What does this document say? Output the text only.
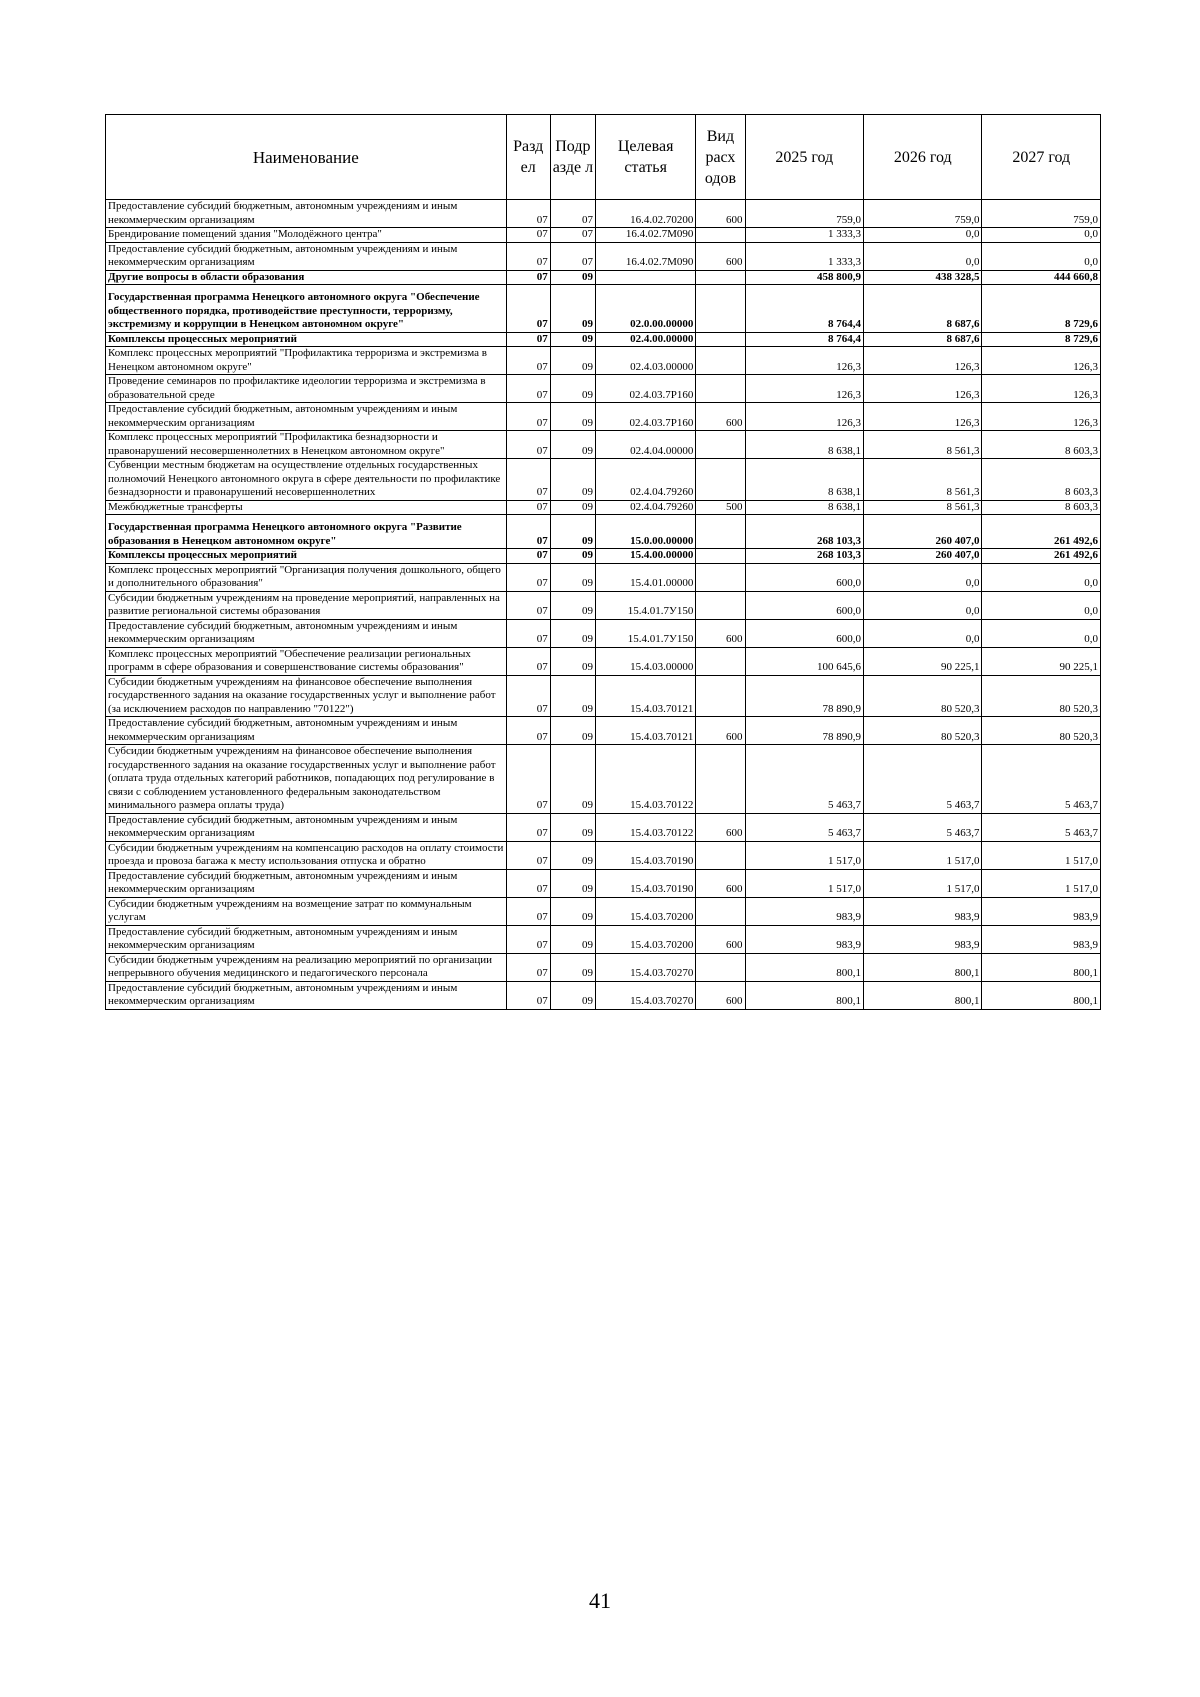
Наименование	Разд ел	Подр азде л	Целевая статья	Вид расх одов	2025 год	2026 год	2027 год
Предоставление субсидий бюджетным, автономным учреждениям и иным некоммерческим организациям	07	07	16.4.02.70200	600	759,0	759,0	759,0
Брендирование помещений здания "Молодёжного центра"	07	07	16.4.02.7М090		1 333,3	0,0	0,0
Предоставление субсидий бюджетным, автономным учреждениям и иным некоммерческим организациям	07	07	16.4.02.7М090	600	1 333,3	0,0	0,0
Другие вопросы в области образования	07	09			458 800,9	438 328,5	444 660,8
Государственная программа Ненецкого автономного округа "Обеспечение общественного порядка, противодействие преступности, терроризму, экстремизму и коррупции в Ненецком автономном округе"	07	09	02.0.00.00000		8 764,4	8 687,6	8 729,6
Комплексы процессных мероприятий	07	09	02.4.00.00000		8 764,4	8 687,6	8 729,6
Комплекс процессных мероприятий "Профилактика терроризма и экстремизма в Ненецком автономном округе"	07	09	02.4.03.00000		126,3	126,3	126,3
Проведение семинаров по профилактике идеологии терроризма и экстремизма в образовательной среде	07	09	02.4.03.7Р160		126,3	126,3	126,3
Предоставление субсидий бюджетным, автономным учреждениям и иным некоммерческим организациям	07	09	02.4.03.7Р160	600	126,3	126,3	126,3
Комплекс процессных мероприятий "Профилактика безнадзорности и правонарушений несовершеннолетних в Ненецком автономном округе"	07	09	02.4.04.00000		8 638,1	8 561,3	8 603,3
Субвенции местным бюджетам на осуществление отдельных государственных полномочий Ненецкого автономного округа в сфере деятельности по профилактике безнадзорности и правонарушений несовершеннолетних	07	09	02.4.04.79260		8 638,1	8 561,3	8 603,3
Межбюджетные трансферты	07	09	02.4.04.79260	500	8 638,1	8 561,3	8 603,3
Государственная программа Ненецкого автономного округа "Развитие образования в Ненецком автономном округе"	07	09	15.0.00.00000		268 103,3	260 407,0	261 492,6
Комплексы процессных мероприятий	07	09	15.4.00.00000		268 103,3	260 407,0	261 492,6
Комплекс процессных мероприятий "Организация получения дошкольного, общего и дополнительного образования"	07	09	15.4.01.00000		600,0	0,0	0,0
Субсидии бюджетным учреждениям на проведение мероприятий, направленных на развитие региональной системы образования	07	09	15.4.01.7У150		600,0	0,0	0,0
Предоставление субсидий бюджетным, автономным учреждениям и иным некоммерческим организациям	07	09	15.4.01.7У150	600	600,0	0,0	0,0
Комплекс процессных мероприятий "Обеспечение реализации региональных программ в сфере образования и совершенствование системы образования"	07	09	15.4.03.00000		100 645,6	90 225,1	90 225,1
Субсидии бюджетным учреждениям на финансовое обеспечение выполнения государственного задания на оказание государственных услуг и выполнение работ (за исключением расходов по направлению "70122")	07	09	15.4.03.70121		78 890,9	80 520,3	80 520,3
Предоставление субсидий бюджетным, автономным учреждениям и иным некоммерческим организациям	07	09	15.4.03.70121	600	78 890,9	80 520,3	80 520,3
Субсидии бюджетным учреждениям на финансовое обеспечение выполнения государственного задания на оказание государственных услуг и выполнение работ (оплата труда отдельных категорий работников, попадающих под регулирование в связи с соблюдением установленного федеральным законодательством минимального размера оплаты труда)	07	09	15.4.03.70122		5 463,7	5 463,7	5 463,7
Предоставление субсидий бюджетным, автономным учреждениям и иным некоммерческим организациям	07	09	15.4.03.70122	600	5 463,7	5 463,7	5 463,7
Субсидии бюджетным учреждениям на компенсацию расходов на оплату стоимости проезда и провоза багажа к месту использования отпуска и обратно	07	09	15.4.03.70190		1 517,0	1 517,0	1 517,0
Предоставление субсидий бюджетным, автономным учреждениям и иным некоммерческим организациям	07	09	15.4.03.70190	600	1 517,0	1 517,0	1 517,0
Субсидии бюджетным учреждениям на возмещение затрат по коммунальным услугам	07	09	15.4.03.70200		983,9	983,9	983,9
Предоставление субсидий бюджетным, автономным учреждениям и иным некоммерческим организациям	07	09	15.4.03.70200	600	983,9	983,9	983,9
Субсидии бюджетным учреждениям на реализацию мероприятий по организации непрерывного обучения медицинского и педагогического персонала	07	09	15.4.03.70270		800,1	800,1	800,1
Предоставление субсидий бюджетным, автономным учреждениям и иным некоммерческим организациям	07	09	15.4.03.70270	600	800,1	800,1	800,1
41
